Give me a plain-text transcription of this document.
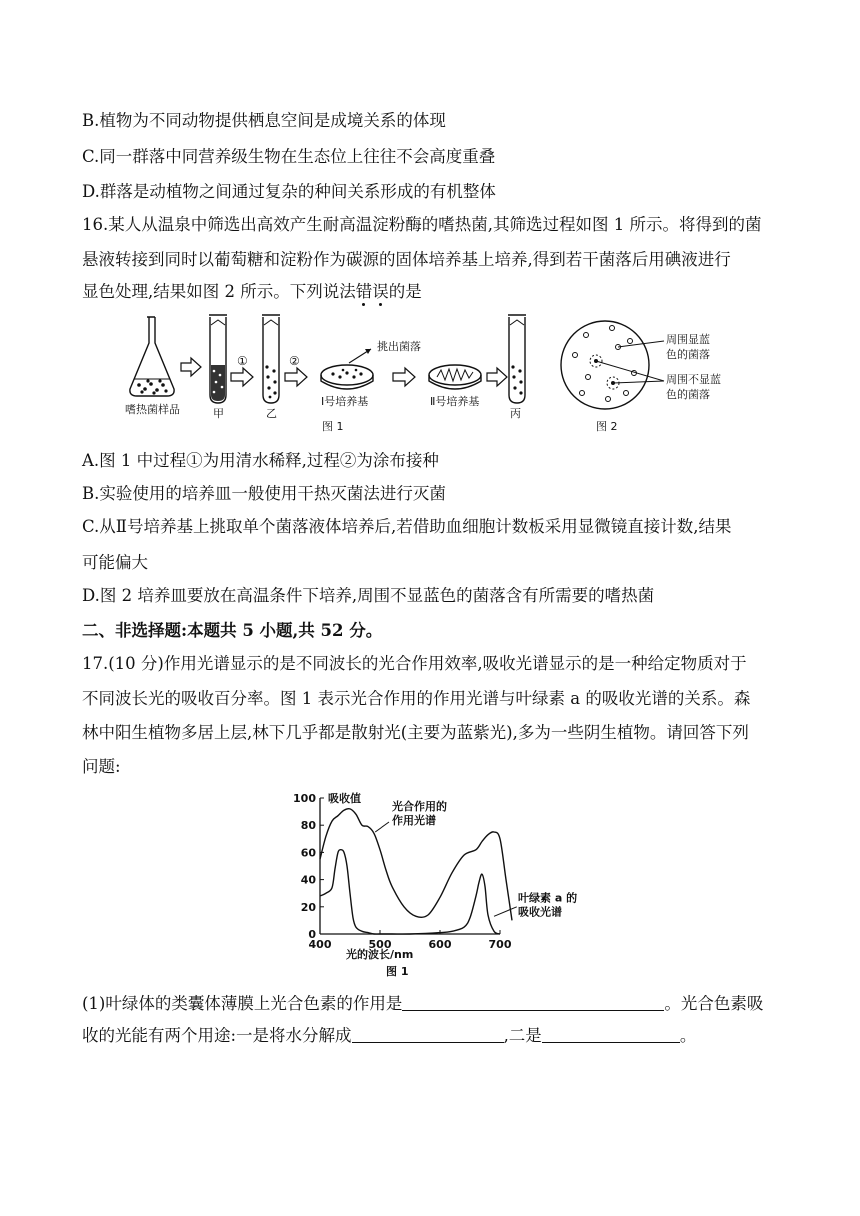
B.植物为不同动物提供栖息空间是成境关系的体现
C.同一群落中同营养级生物在生态位上往往不会高度重叠
D.群落是动植物之间通过复杂的种间关系形成的有机整体
16.某人从温泉中筛选出高效产生耐高温淀粉酶的嗜热菌,其筛选过程如图 1 所示。将得到的菌
悬液转接到同时以葡萄糖和淀粉作为碳源的固体培养基上培养,得到若干菌落后用碘液进行
显色处理,结果如图 2 所示。下列说法错误的是
嗜热菌样品	甲
①
乙
②
挑出菌落
Ⅰ号培养基	Ⅱ号培养基
丙
图 1
周围显蓝
色的菌落
周围不显蓝
色的菌落
图 2
A.图 1 中过程①为用清水稀释,过程②为涂布接种
B.实验使用的培养皿一般使用干热灭菌法进行灭菌
C.从Ⅱ号培养基上挑取单个菌落液体培养后,若借助血细胞计数板采用显微镜直接计数,结果
可能偏大
D.图 2 培养皿要放在高温条件下培养,周围不显蓝色的菌落含有所需要的嗜热菌
二、非选择题:本题共 5 小题,共 52 分。
17.(10 分)作用光谱显示的是不同波长的光合作用效率,吸收光谱显示的是一种给定物质对于
不同波长光的吸收百分率。图 1 表示光合作用的作用光谱与叶绿素 a 的吸收光谱的关系。森
林中阳生植物多居上层,林下几乎都是散射光(主要为蓝紫光),多为一些阴生植物。请回答下列
问题:
0
20
40
60
80
100
400	500	600	700
吸收值
光的波长/nm
图 1
光合作用的
作用光谱
叶绿素 a 的
吸收光谱
(1)叶绿体的类囊体薄膜上光合色素的作用是	。光合色素吸
收的光能有两个用途:一是将水分解成	,二是	。
